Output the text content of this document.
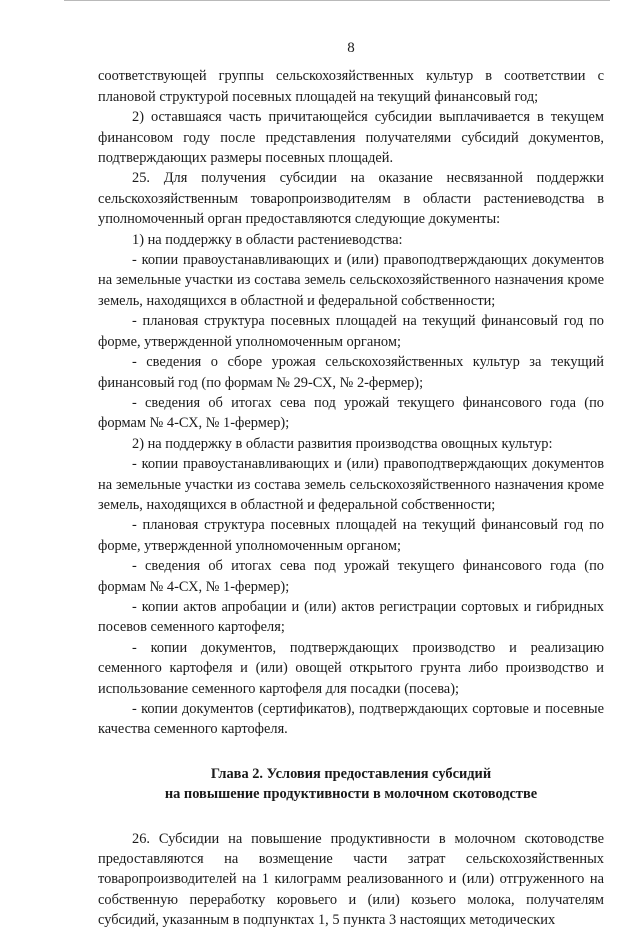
8

соответствующей группы сельскохозяйственных культур в соответствии с плановой структурой посевных площадей на текущий финансовый год;

2) оставшаяся часть причитающейся субсидии выплачивается в текущем финансовом году после представления получателями субсидий документов, подтверждающих размеры посевных площадей.

25. Для получения субсидии на оказание несвязанной поддержки сельскохозяйственным товаропроизводителям в области растениеводства в уполномоченный орган предоставляются следующие документы:

1) на поддержку в области растениеводства:

- копии правоустанавливающих и (или) правоподтверждающих документов на земельные участки из состава земель сельскохозяйственного назначения кроме земель, находящихся в областной и федеральной собственности;

- плановая структура посевных площадей на текущий финансовый год по форме, утвержденной уполномоченным органом;

- сведения о сборе урожая сельскохозяйственных культур за текущий финансовый год (по формам № 29-СХ, № 2-фермер);

- сведения об итогах сева под урожай текущего финансового года (по формам № 4-СХ, № 1-фермер);

2) на поддержку в области развития производства овощных культур:

- копии правоустанавливающих и (или) правоподтверждающих документов на земельные участки из состава земель сельскохозяйственного назначения кроме земель, находящихся в областной и федеральной собственности;

- плановая структура посевных площадей на текущий финансовый год по форме, утвержденной уполномоченным органом;

- сведения об итогах сева под урожай текущего финансового года (по формам № 4-СХ, № 1-фермер);

- копии актов апробации и (или) актов регистрации сортовых и гибридных посевов семенного картофеля;

- копии документов, подтверждающих производство и реализацию семенного картофеля и (или) овощей открытого грунта либо производство и использование семенного картофеля для посадки (посева);

- копии документов (сертификатов), подтверждающих сортовые и посевные качества семенного картофеля.

Глава 2. Условия предоставления субсидий
на повышение продуктивности в молочном скотоводстве

26. Субсидии на повышение продуктивности в молочном скотоводстве предоставляются на возмещение части затрат сельскохозяйственных товаропроизводителей на 1 килограмм реализованного и (или) отгруженного на собственную переработку коровьего и (или) козьего молока, получателям субсидий, указанным в подпунктах 1, 5 пункта 3 настоящих методических
